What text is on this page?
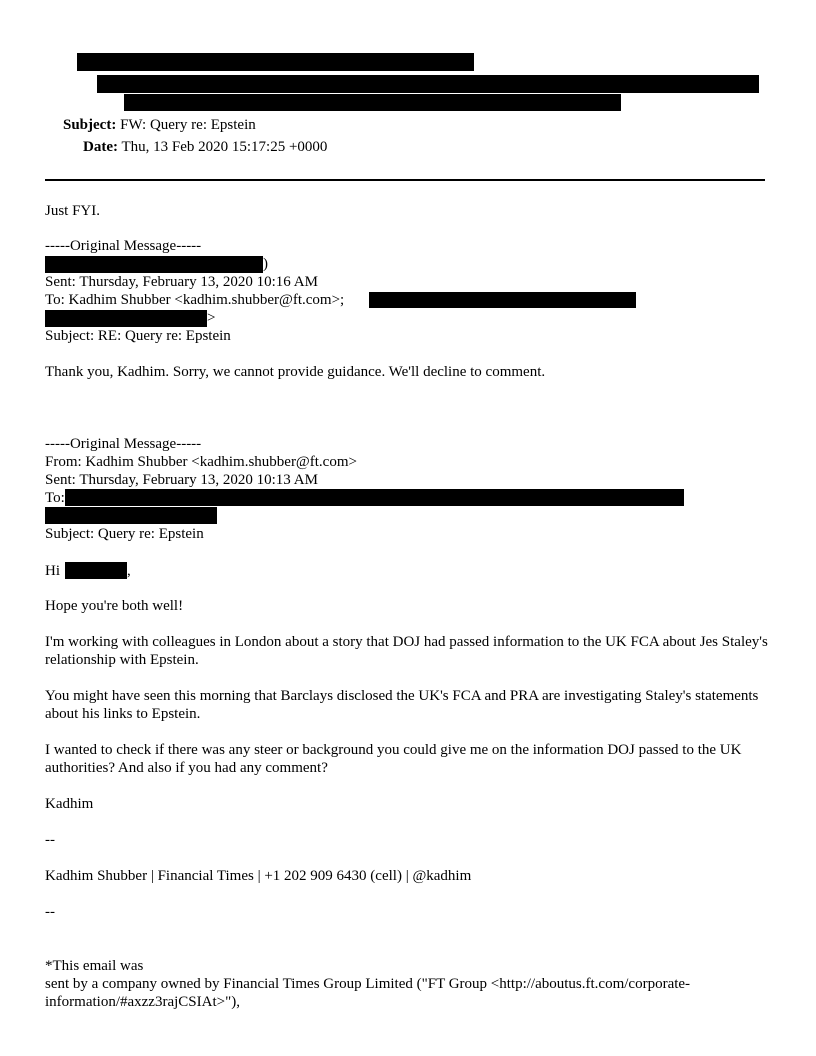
Subject: FW: Query re: Epstein
Date: Thu, 13 Feb 2020 15:17:25 +0000
Just FYI.
-----Original Message-----
)
Sent: Thursday, February 13, 2020 10:16 AM
To: Kadhim Shubber <kadhim.shubber@ft.com>;
>
Subject: RE: Query re: Epstein
Thank you, Kadhim. Sorry, we cannot provide guidance. We'll decline to comment.
-----Original Message-----
From: Kadhim Shubber <kadhim.shubber@ft.com>
Sent: Thursday, February 13, 2020 10:13 AM
To:
Subject: Query re: Epstein
Hi	,
Hope you're both well!
I'm working with colleagues in London about a story that DOJ had passed information to the UK FCA about Jes Staley's relationship with Epstein.
You might have seen this morning that Barclays disclosed the UK's FCA and PRA are investigating Staley's statements about his links to Epstein.
I wanted to check if there was any steer or background you could give me on the information DOJ passed to the UK authorities? And also if you had any comment?
Kadhim
--
Kadhim Shubber | Financial Times | +1 202 909 6430 (cell) | @kadhim
--
*This email was
sent by a company owned by Financial Times Group Limited ("FT Group <http://aboutus.ft.com/corporate-information/#axzz3rajCSIAt>"),
